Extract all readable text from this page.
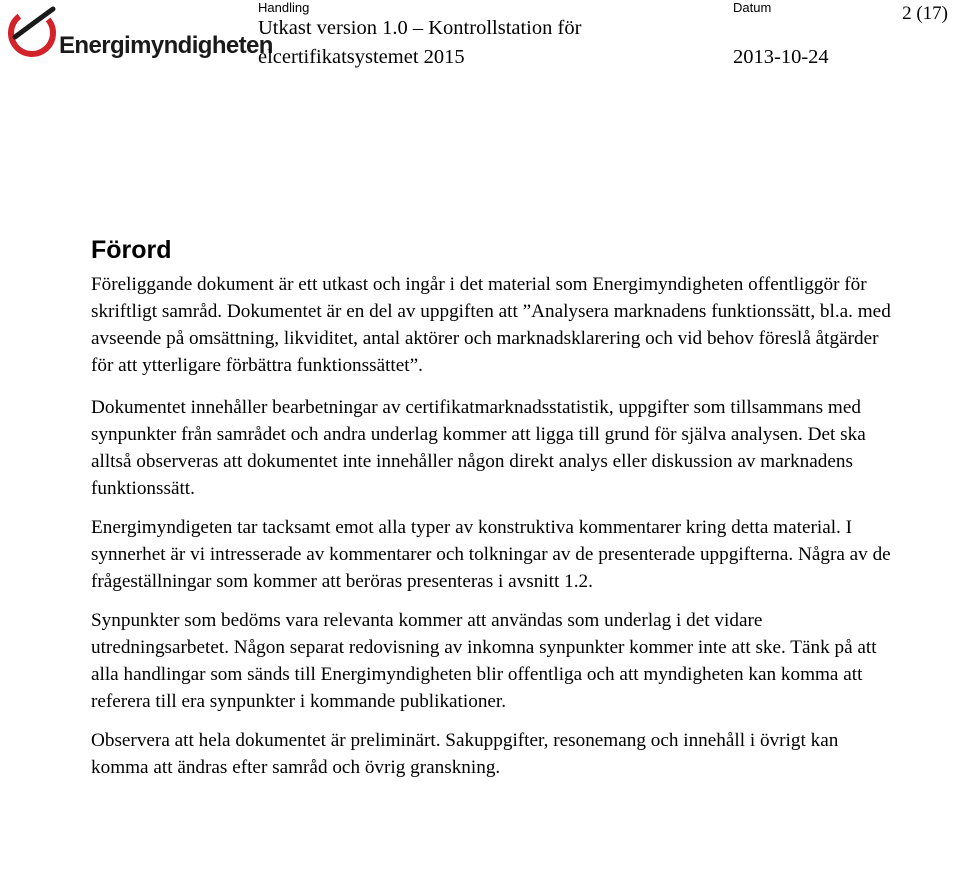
Energimyndigheten
Handling
Utkast version 1.0 – Kontrollstation för
elcertifikatsystemet 2015
Datum
2013-10-24
2 (17)
Förord

Föreliggande dokument är ett utkast och ingår i det material som Energimyndigheten offentliggör för skriftligt samråd. Dokumentet är en del av uppgiften att ”Analysera marknadens funktionssätt, bl.a. med avseende på omsättning, likviditet, antal aktörer och marknadsklarering och vid behov föreslå åtgärder för att ytterligare förbättra funktionssättet”.

Dokumentet innehåller bearbetningar av certifikatmarknadsstatistik, uppgifter som tillsammans med synpunkter från samrådet och andra underlag kommer att ligga till grund för själva analysen. Det ska alltså observeras att dokumentet inte innehåller någon direkt analys eller diskussion av marknadens funktionssätt.

Energimyndigeten tar tacksamt emot alla typer av konstruktiva kommentarer kring detta material. I synnerhet är vi intresserade av kommentarer och tolkningar av de presenterade uppgifterna. Några av de frågeställningar som kommer att beröras presenteras i avsnitt 1.2.

Synpunkter som bedöms vara relevanta kommer att användas som underlag i det vidare utredningsarbetet. Någon separat redovisning av inkomna synpunkter kommer inte att ske. Tänk på att alla handlingar som sänds till Energimyndigheten blir offentliga och att myndigheten kan komma att referera till era synpunkter i kommande publikationer.

Observera att hela dokumentet är preliminärt. Sakuppgifter, resonemang och innehåll i övrigt kan komma att ändras efter samråd och övrig granskning.
